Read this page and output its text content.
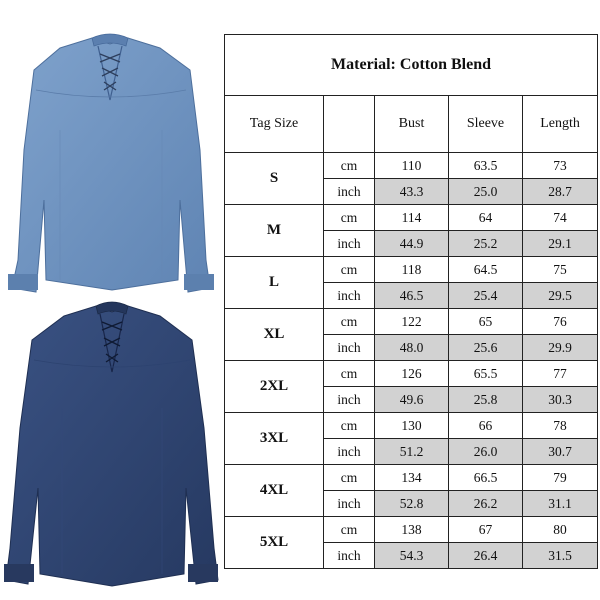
Material: Cotton Blend				
Tag Size		Bust	Sleeve	Length
S	cm	110	63.5	73
	inch	43.3	25.0	28.7
M	cm	114	64	74
	inch	44.9	25.2	29.1
L	cm	118	64.5	75
	inch	46.5	25.4	29.5
XL	cm	122	65	76
	inch	48.0	25.6	29.9
2XL	cm	126	65.5	77
	inch	49.6	25.8	30.3
3XL	cm	130	66	78
	inch	51.2	26.0	30.7
4XL	cm	134	66.5	79
	inch	52.8	26.2	31.1
5XL	cm	138	67	80
	inch	54.3	26.4	31.5
